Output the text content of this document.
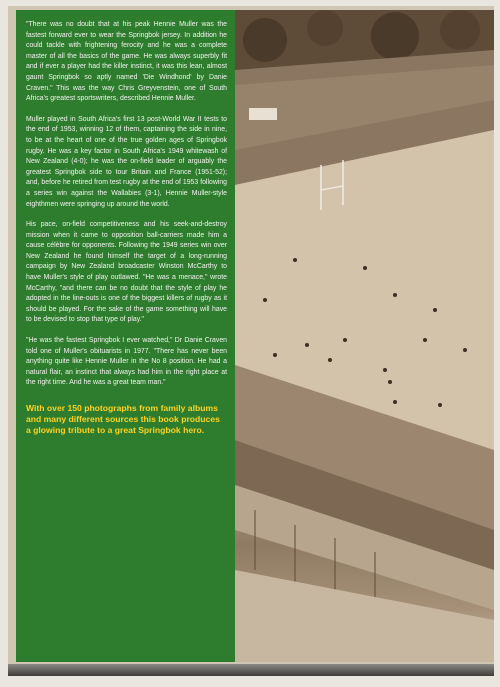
"There was no doubt that at his peak Hennie Muller was the fastest forward ever to wear the Springbok jersey. In addition he could tackle with frightening ferocity and he was a complete master of all the basics of the game. He was always superbly fit and if ever a player had the killer instinct, it was this lean, almost gaunt Springbok so aptly named 'Die Windhond' by Danie Craven." This was the way Chris Greyvenstein, one of South Africa's greatest sportswriters, described Hennie Muller.

Muller played in South Africa's first 13 post-World War II tests to the end of 1953, winning 12 of them, captaining the side in nine, to be at the heart of one of the true golden ages of Springbok rugby. He was a key factor in South Africa's 1949 whitewash of New Zealand (4-0); he was the on-field leader of arguably the greatest Springbok side to tour Britain and France (1951-52); and, before he retired from test rugby at the end of 1953 following a series win against the Wallabies (3-1), Hennie Muller-style eighthmen were springing up around the world.

His pace, on-field competitiveness and his seek-and-destroy mission when it came to opposition ball-carriers made him a cause célèbre for opponents. Following the 1949 series win over New Zealand he found himself the target of a long-running campaign by New Zealand broadcaster Winston McCarthy to have Muller's style of play outlawed. "He was a menace," wrote McCarthy, "and there can be no doubt that the style of play he adopted in the line-outs is one of the biggest killers of rugby as it should be played. For the sake of the game something will have to be devised to stop that type of play."

"He was the fastest Springbok I ever watched," Dr Danie Craven told one of Muller's obituarists in 1977. "There has never been anything quite like Hennie Muller in the No 8 position. He had a natural flair, an instinct that always had him in the right place at the right time. And he was a great team man."

With over 150 photographs from family albums and many different sources this book produces a glowing tribute to a great Springbok hero.
